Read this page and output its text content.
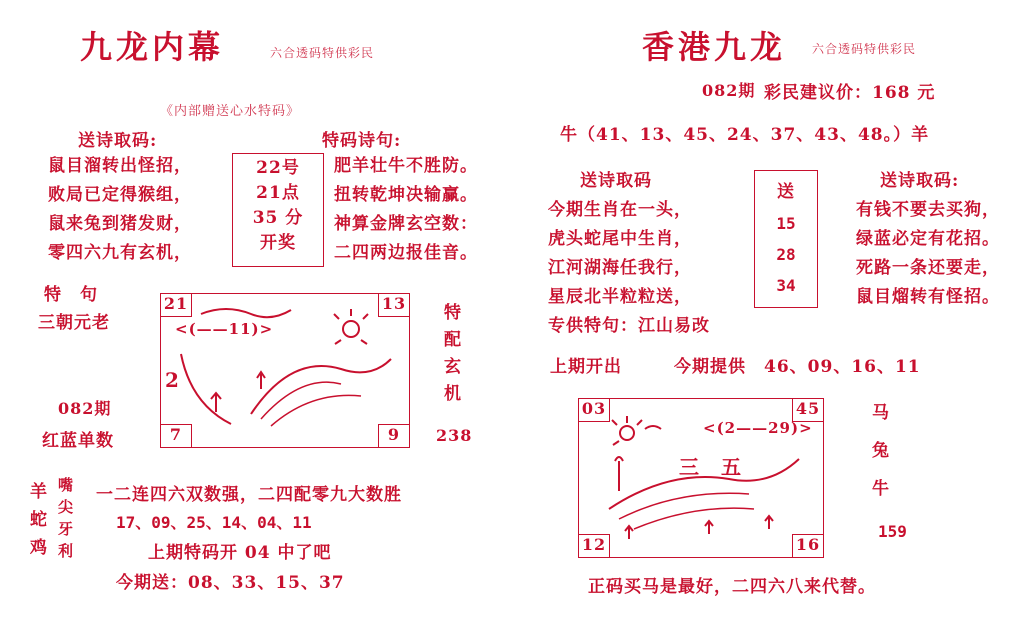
九龙内幕	六合透码特供彩民
《内部赠送心水特码》
送诗取码:	特码诗句:
鼠目溜转出怪招，
败局已定得猴组，
鼠来兔到猪发财，
零四六九有玄机，
22号
21点
35 分
开奖
肥羊壮牛不胜防。
扭转乾坤决输赢。
神算金牌玄空数：
二四两边报佳音。
特　句
三朝元老
082期
红蓝单数
21	13
7	9
<(——11)>
2
特
配
玄
机
238
羊
蛇
鸡
嘴
尖
牙
利
一二连四六双数强，二四配零九大数胜
17、09、25、14、04、11
上期特码开 04 中了吧
今期送：08、33、15、37
香港九龙 六合透码特供彩民
082期 彩民建议价：168 元
牛（41、13、45、24、37、43、48。）羊
送诗取码
今期生肖在一头，
虎头蛇尾中生肖，
江河湖海任我行，
星辰北半粒粒送，
专供特句：江山易改
送
15
28
34
送诗取码:
有钱不要去买狗，
绿蓝必定有花招。
死路一条还要走，
鼠目熘转有怪招。
上期开出	今期提供　46、09、16、11
03	45
12	16
<(2——29)>
三　五
马
兔
牛
159
正码买马是最好，二四六八来代替。
